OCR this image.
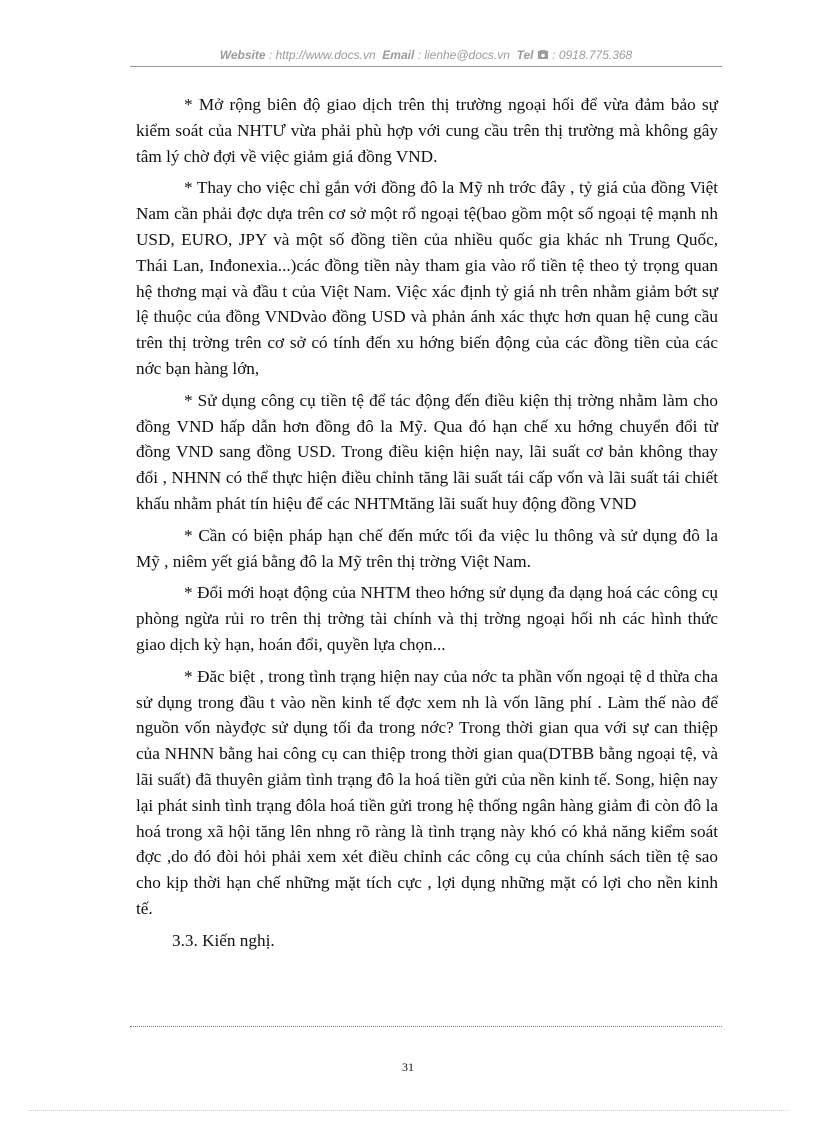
Website : http://www.docs.vn Email : lienhe@docs.vn Tel : 0918.775.368

* Mở rộng biên độ giao dịch trên thị trường ngoại hối để vừa đảm bảo sự kiểm soát của NHTƯ vừa phải phù hợp với cung cầu trên thị trường mà không gây tâm lý chờ đợi về việc giảm giá đồng VND.

* Thay cho việc chỉ gắn với đồng đô la Mỹ nh trớc đây , tỷ giá của đồng Việt Nam cần phải đợc dựa trên cơ sở một rổ ngoại tệ(bao gồm một số ngoại tệ mạnh nh USD, EURO, JPY và một số đồng tiền của nhiều quốc gia khác nh Trung Quốc, Thái Lan, Inđonexia...)các đồng tiền này tham gia vào rổ tiền tệ theo tỷ trọng quan hệ thơng mại và đầu t của Việt Nam. Việc xác định tỷ giá nh trên nhằm giảm bớt sự lệ thuộc của đồng VNDvào đồng USD và phản ánh xác thực hơn quan hệ cung cầu trên thị trờng trên cơ sở có tính đến xu hớng biến động của các đồng tiền của các nớc bạn hàng lớn,

* Sử dụng công cụ tiền tệ để tác động đến điều kiện thị trờng nhằm làm cho đồng VND hấp dẫn hơn đồng đô la Mỹ. Qua đó hạn chế xu hớng chuyển đổi từ đồng VND sang đồng USD. Trong điều kiện hiện nay, lãi suất cơ bản không thay đổi , NHNN có thể thực hiện điều chỉnh tăng lãi suất tái cấp vốn và lãi suất tái chiết khấu nhằm phát tín hiệu để các NHTMtăng lãi suất huy động đồng VND

* Cần có biện pháp hạn chế đến mức tối đa việc lu thông và sử dụng đô la Mỹ , niêm yết giá bằng đô la Mỹ trên thị trờng Việt Nam.

* Đổi mới hoạt động của NHTM theo hớng sử dụng đa dạng hoá các công cụ phòng ngừa rủi ro trên thị trờng tài chính và thị trờng ngoại hối nh các hình thức giao dịch kỳ hạn, hoán đổi, quyền lựa chọn...

* Đăc biệt , trong tình trạng hiện nay của nớc ta phần vốn ngoại tệ d thừa cha sử dụng trong đầu t vào nền kinh tế đợc xem nh là vốn lãng phí . Làm thế nào để nguồn vốn nàyđợc sử dụng tối đa trong nớc? Trong thời gian qua với sự can thiệp của NHNN bằng hai công cụ can thiệp trong thời gian qua(DTBB bằng ngoại tệ, và lãi suất) đã thuyên giảm tình trạng đô la hoá tiền gửi của nền kinh tế. Song, hiện nay lại phát sinh tình trạng đôla hoá tiền gửi trong hệ thống ngân hàng giảm đi còn đô la hoá trong xã hội tăng lên nhng rõ ràng là tình trạng này khó có khả năng kiểm soát đợc ,do đó đòi hỏi phải xem xét điều chỉnh các công cụ của chính sách tiền tệ sao cho kịp thời hạn chế những mặt tích cực , lợi dụng những mặt có lợi cho nền kinh tế.

3.3. Kiến nghị.

31
